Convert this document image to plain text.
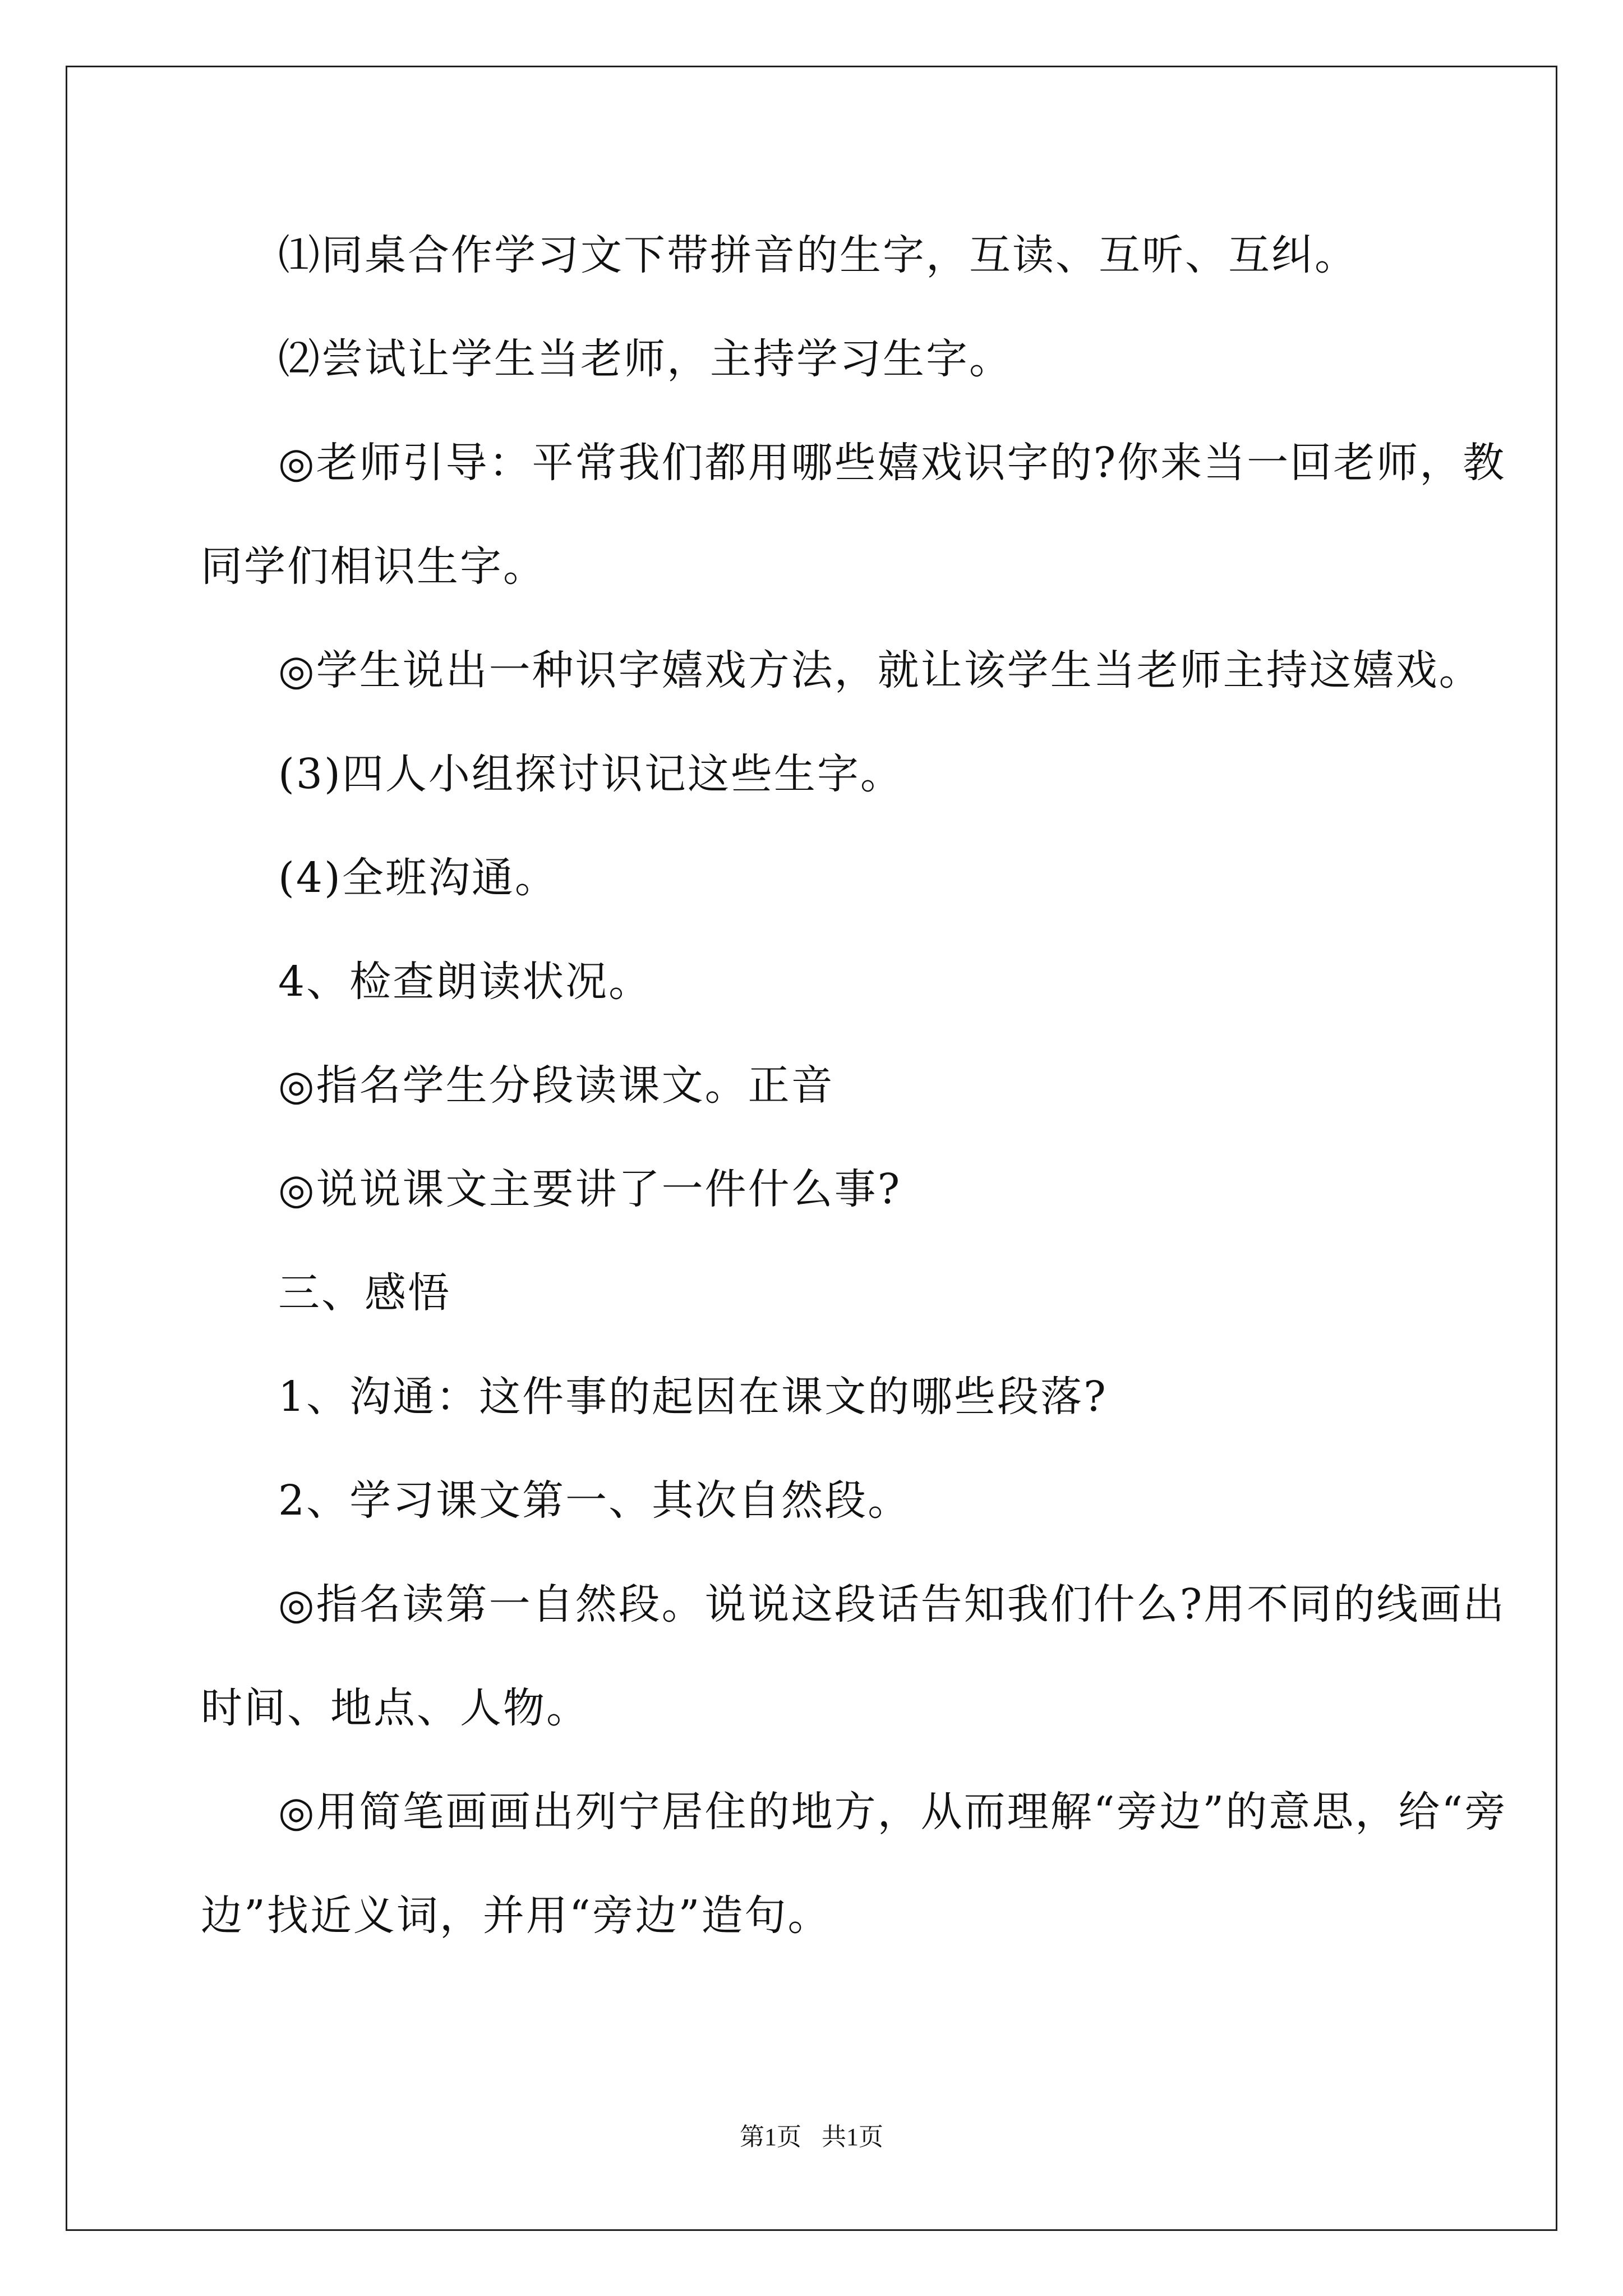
⑴同桌合作学习文下带拼音的生字，互读、互听、互纠。
⑵尝试让学生当老师，主持学习生字。
◎老师引导：平常我们都用哪些嬉戏识字的?你来当一回老师，教
同学们相识生字。
◎学生说出一种识字嬉戏方法，就让该学生当老师主持这嬉戏。
(3)四人小组探讨识记这些生字。
(4)全班沟通。
4、检查朗读状况。
◎指名学生分段读课文。正音
◎说说课文主要讲了一件什么事?
三、感悟
1、沟通：这件事的起因在课文的哪些段落?
2、学习课文第一、其次自然段。
◎指名读第一自然段。说说这段话告知我们什么?用不同的线画出
时间、地点、人物。
◎用简笔画画出列宁居住的地方，从而理解“旁边”的意思，给“旁
边”找近义词，并用“旁边”造句。
第1页 共1页
